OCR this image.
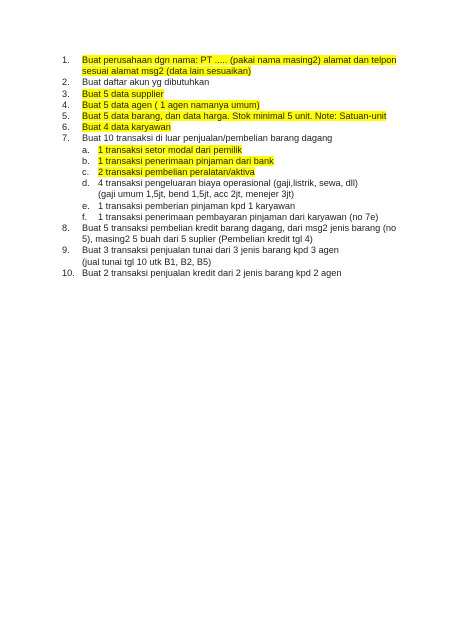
1.	Buat perusahaan dgn nama: PT ..... (pakai nama masing2) alamat dan telpon
sesuai alamat msg2 (data lain sesuaikan)
2.	Buat daftar akun yg dibutuhkan
3.	Buat 5 data supplier
4.	Buat 5 data agen ( 1 agen namanya umum)
5.	Buat 5 data barang, dan data harga. Stok minimal 5 unit. Note: Satuan-unit
6.	Buat 4 data karyawan
7.	Buat 10 transaksi di luar penjualan/pembelian barang dagang
a. 1 transaksi setor modal dari pemilik
b. 1 transaksi penerimaan pinjaman dari bank
c. 2 transaksi pembelian peralatan/aktiva
d. 4 transaksi pengeluaran biaya operasional (gaji,listrik, sewa, dll)
(gaji umum 1,5jt, bend 1,5jt, acc 2jt, menejer 3jt)
e. 1 transaksi pemberian pinjaman kpd 1 karyawan
f.	1 transaksi penerimaan pembayaran pinjaman dari karyawan (no 7e)
8.	Buat 5 transaksi pembelian kredit barang dagang, dari msg2 jenis barang (no
5), masing2 5 buah dari 5 suplier (Pembelian kredit tgl 4)
9.	Buat 3 transaksi penjualan tunai dari 3 jenis barang kpd 3 agen
(jual tunai tgl 10 utk B1, B2, B5)
10. Buat 2 transaksi penjualan kredit dari 2 jenis barang kpd 2 agen
